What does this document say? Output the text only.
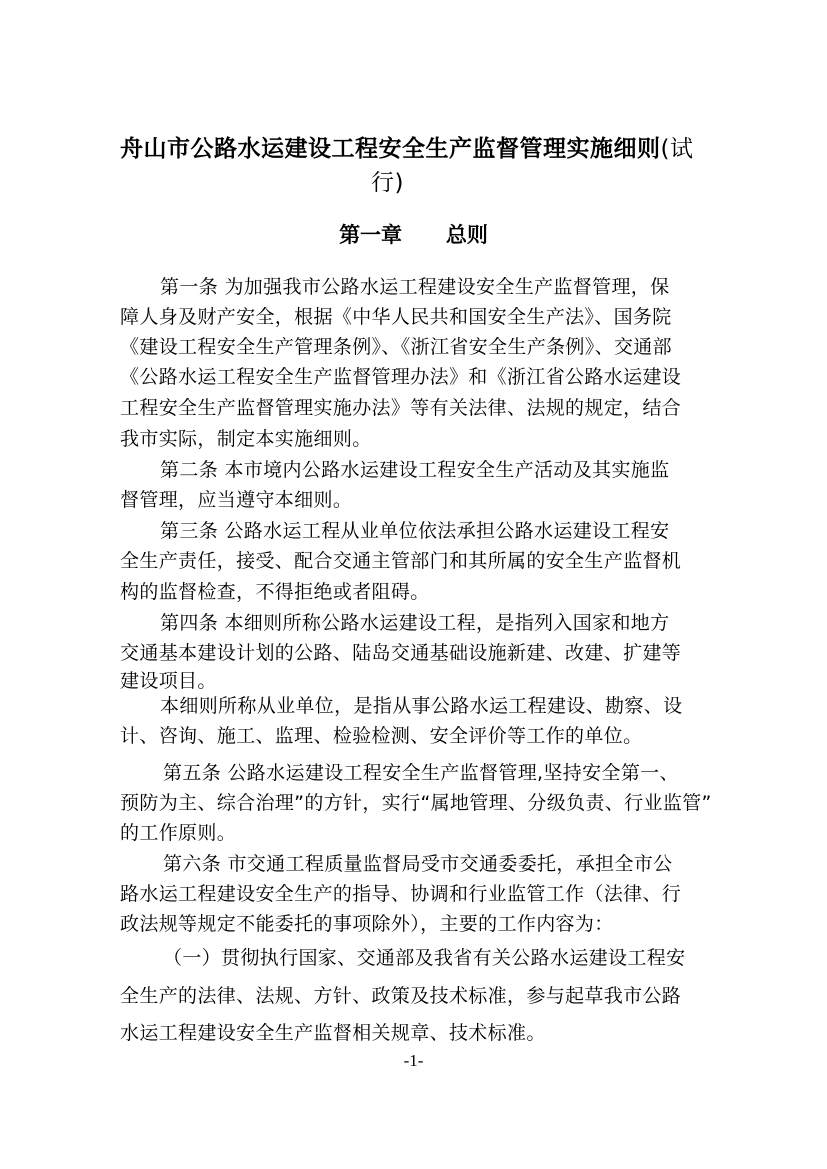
舟山市公路水运建设工程安全生产监督管理实施细则(试
行)
第一章      总则
第一条 为加强我市公路水运工程建设安全生产监督管理，保
障人身及财产安全，根据《中华人民共和国安全生产法》、国务院
《建设工程安全生产管理条例》、《浙江省安全生产条例》、交通部
《公路水运工程安全生产监督管理办法》和《浙江省公路水运建设
工程安全生产监督管理实施办法》等有关法律、法规的规定，结合
我市实际，制定本实施细则。
第二条 本市境内公路水运建设工程安全生产活动及其实施监
督管理，应当遵守本细则。
第三条 公路水运工程从业单位依法承担公路水运建设工程安
全生产责任，接受、配合交通主管部门和其所属的安全生产监督机
构的监督检查，不得拒绝或者阻碍。
第四条 本细则所称公路水运建设工程，是指列入国家和地方
交通基本建设计划的公路、陆岛交通基础设施新建、改建、扩建等
建设项目。
本细则所称从业单位，是指从事公路水运工程建设、勘察、设
计、咨询、施工、监理、检验检测、安全评价等工作的单位。
第五条 公路水运建设工程安全生产监督管理,坚持安全第一、
预防为主、综合治理”的方针，实行“属地管理、分级负责、行业监管”
的工作原则。
第六条 市交通工程质量监督局受市交通委委托，承担全市公
路水运工程建设安全生产的指导、协调和行业监管工作（法律、行
政法规等规定不能委托的事项除外），主要的工作内容为：
（一）贯彻执行国家、交通部及我省有关公路水运建设工程安
全生产的法律、法规、方针、政策及技术标准，参与起草我市公路
水运工程建设安全生产监督相关规章、技术标准。
-1-
